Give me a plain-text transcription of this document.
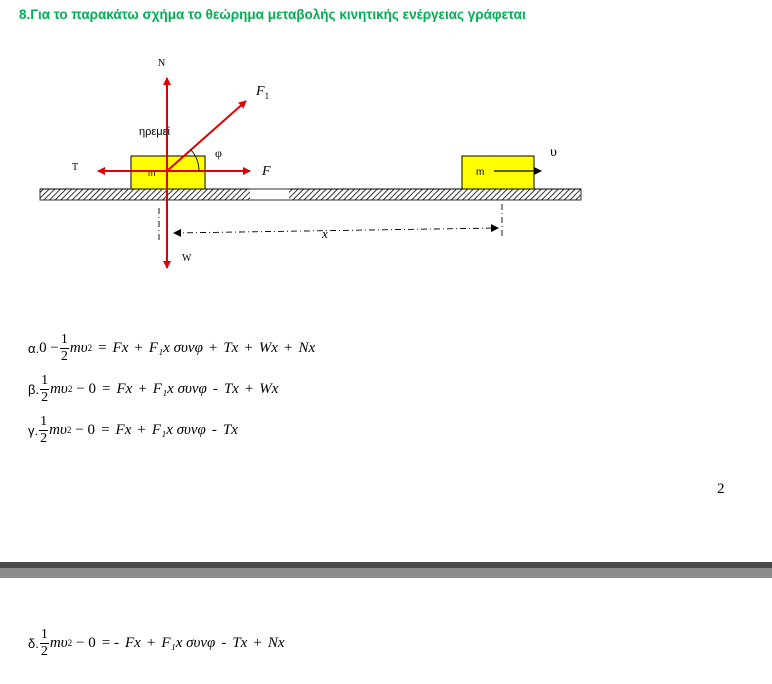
8.Για το παρακάτω σχήμα το θεώρημα μεταβολής κινητικής ενέργειας γράφεται
m	m
υ
φ
N
W
T	F
$F_1$
ηρεμεί
x
α. $0 - \frac{1}{2}$ mυ 2 = Fx + F₁x συνφ + Tx + Wx + Nx
β. $\frac{1}{2}$ mυ 2 − 0 = Fx + F₁x συνφ - Tx + Wx
γ. $\frac{1}{2}$ mυ 2 − 0 = Fx + F₁x συνφ - Tx
2
δ. $\frac{1}{2}$ mυ 2 − 0 = - Fx + F₁x συνφ - Tx + Nx
